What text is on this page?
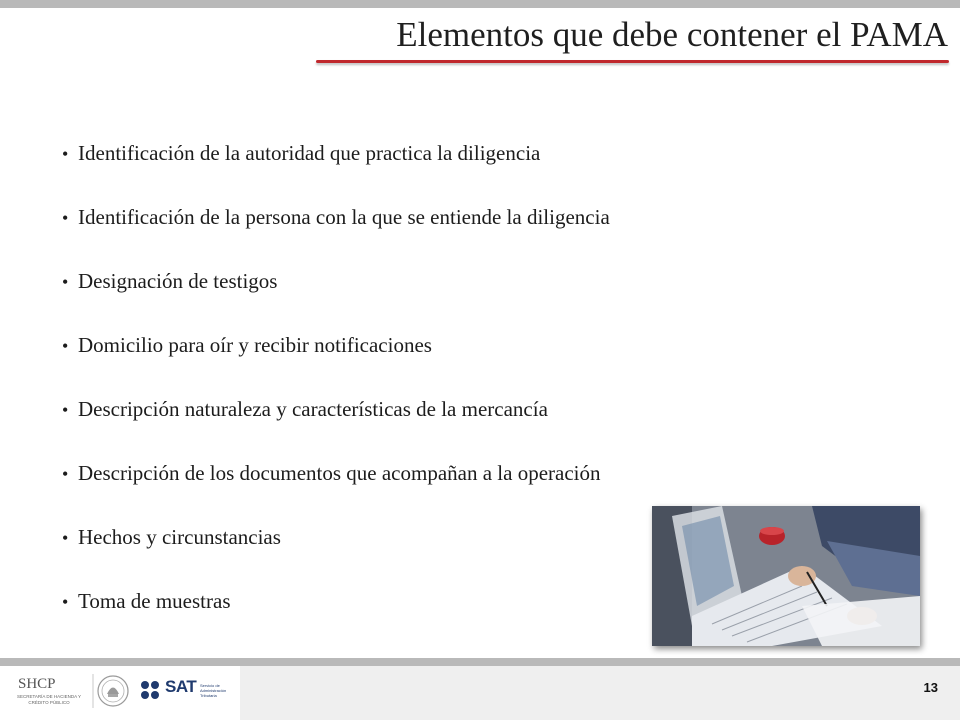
Elementos que debe contener el PAMA
• Identificación de la autoridad que practica la diligencia
• Identificación de la persona con la que se entiende la diligencia
• Designación de testigos
• Domicilio para oír y recibir notificaciones
• Descripción naturaleza y características de la mercancía
• Descripción de los documentos que acompañan a la operación
• Hechos y circunstancias
• Toma de muestras
SHCP
SECRETARÍA DE HACIENDA Y CRÉDITO PÚBLICO
SAT Servicio de Administración Tributaria
13
